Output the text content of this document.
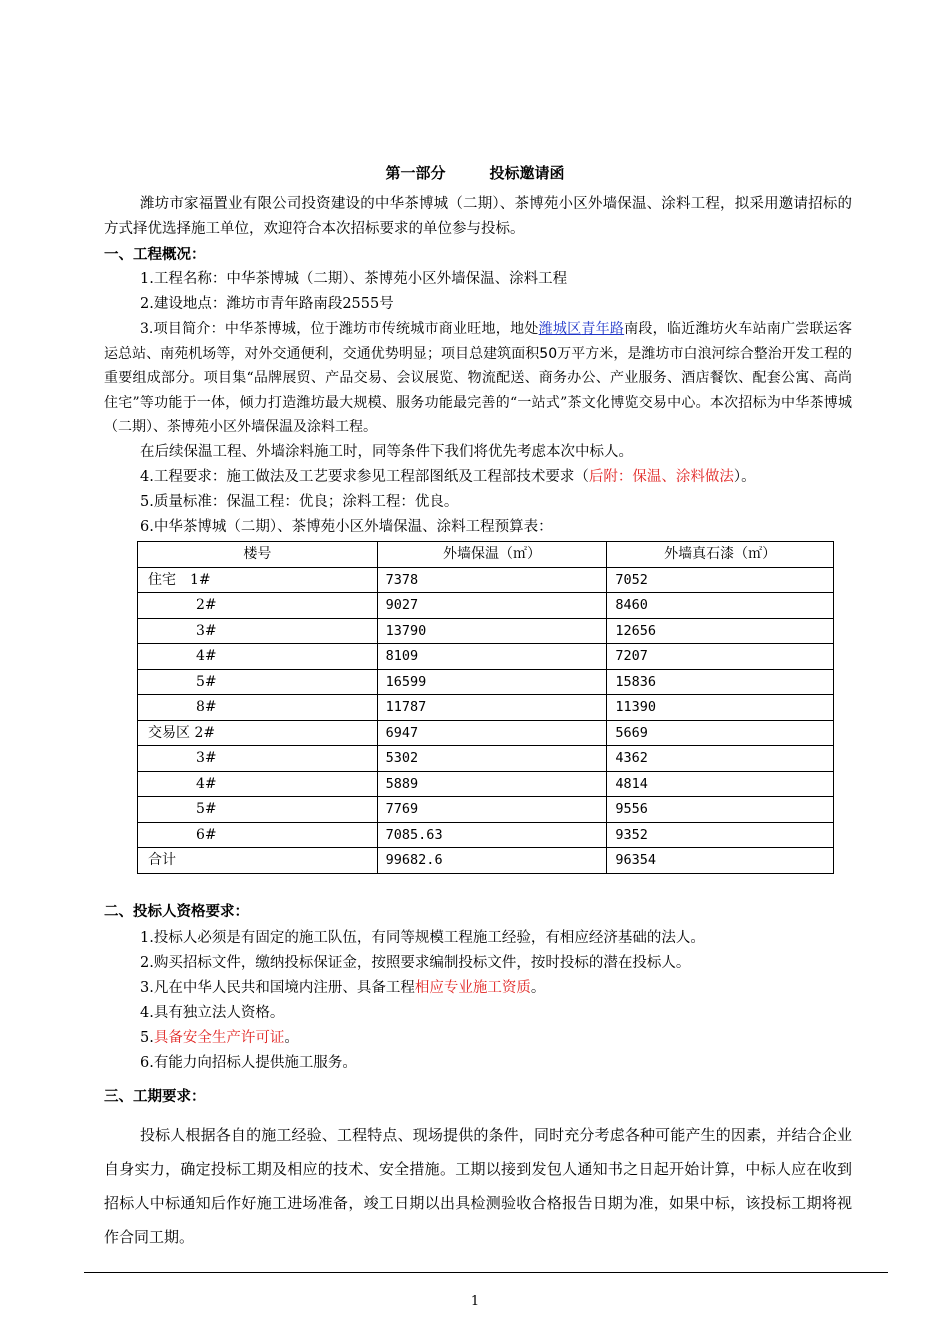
第一部分	投标邀请函
潍坊市家福置业有限公司投资建设的中华茶博城（二期）、茶博苑小区外墙保温、涂料工程，拟采用邀请招标的方式择优选择施工单位，欢迎符合本次招标要求的单位参与投标。
一、工程概况：
1.工程名称：中华茶博城（二期）、茶博苑小区外墙保温、涂料工程
2.建设地点：潍坊市青年路南段2555号
3.项目简介：中华茶博城，位于潍坊市传统城市商业旺地，地处潍城区青年路南段，临近潍坊火车站南广尝联运客运总站、南苑机场等，对外交通便利，交通优势明显；项目总建筑面积50万平方米，是潍坊市白浪河综合整治开发工程的重要组成部分。项目集“品牌展贸、产品交易、会议展览、物流配送、商务办公、产业服务、酒店餐饮、配套公寓、高尚住宅”等功能于一体，倾力打造潍坊最大规模、服务功能最完善的“一站式”茶文化博览交易中心。本次招标为中华茶博城（二期）、茶博苑小区外墙保温及涂料工程。
在后续保温工程、外墙涂料施工时，同等条件下我们将优先考虑本次中标人。
4.工程要求：施工做法及工艺要求参见工程部图纸及工程部技术要求（后附：保温、涂料做法）。
5.质量标准：保温工程：优良；涂料工程：优良。
6.中华茶博城（二期）、茶博苑小区外墙保温、涂料工程预算表：
楼号	外墙保温（㎡）	外墙真石漆（㎡）
住宅　1#	7378	7052
2#	9027	8460
3#	13790	12656
4#	8109	7207
5#	16599	15836
8#	11787	11390
交易区 2#	6947	5669
3#	5302	4362
4#	5889	4814
5#	7769	9556
6#	7085.63	9352
合计	99682.6	96354
二、投标人资格要求：
1.投标人必须是有固定的施工队伍，有同等规模工程施工经验，有相应经济基础的法人。
2.购买招标文件，缴纳投标保证金，按照要求编制投标文件，按时投标的潜在投标人。
3.凡在中华人民共和国境内注册、具备工程相应专业施工资质。
4.具有独立法人资格。
5.具备安全生产许可证。
6.有能力向招标人提供施工服务。
三、工期要求：
投标人根据各自的施工经验、工程特点、现场提供的条件，同时充分考虑各种可能产生的因素，并结合企业自身实力，确定投标工期及相应的技术、安全措施。工期以接到发包人通知书之日起开始计算，中标人应在收到招标人中标通知后作好施工进场准备，竣工日期以出具检测验收合格报告日期为准，如果中标，该投标工期将视作合同工期。
1
